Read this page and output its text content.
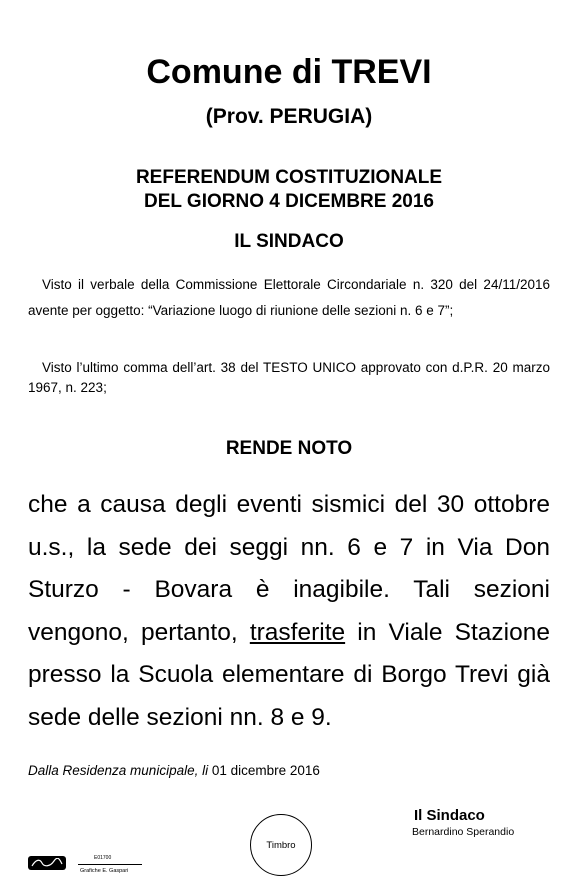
Comune di TREVI
(Prov. PERUGIA)
REFERENDUM COSTITUZIONALE
DEL GIORNO 4 DICEMBRE 2016
IL SINDACO

Visto il verbale della Commissione Elettorale Circondariale n. 320 del 24/11/2016 avente per oggetto: “Variazione luogo di riunione delle sezioni n. 6 e 7”;

Visto l’ultimo comma dell’art. 38 del TESTO UNICO approvato con d.P.R. 20 marzo 1967, n. 223;

RENDE NOTO

che a causa degli eventi sismici del 30 ottobre u.s., la sede dei seggi nn. 6 e 7 in Via Don Sturzo - Bovara è inagibile. Tali sezioni vengono, pertanto, trasferite in Viale Stazione presso la Scuola elementare di Borgo Trevi già sede delle sezioni nn. 8 e 9.

Dalla Residenza municipale, li 01 dicembre 2016
Il Sindaco
Bernardino Sperandio
Timbro
E01700
Grafiche E. Gaspari
